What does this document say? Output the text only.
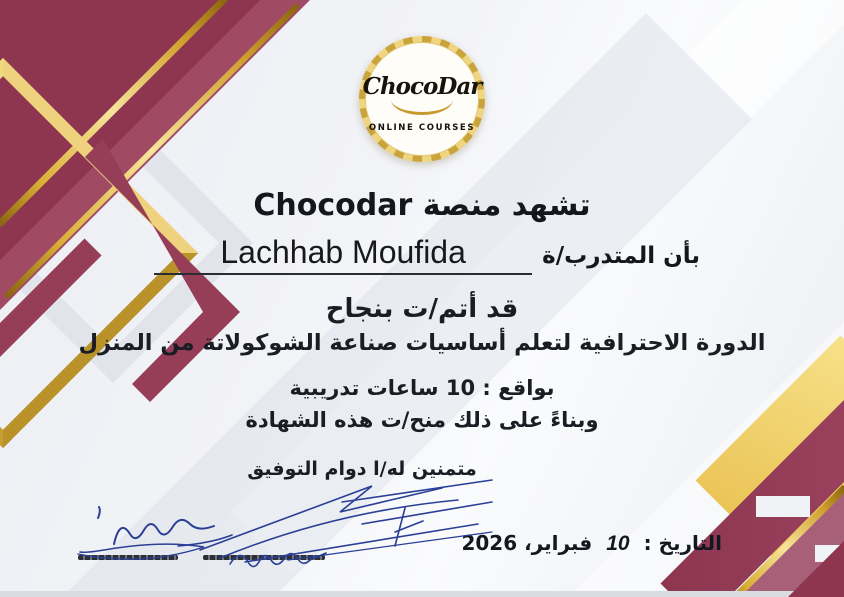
ChocoDar
ONLINE COURSES
تشهد منصة Chocodar
بأن المتدرب/ة
Lachhab Moufida
قد أتم/ت بنجاح
الدورة الاحترافية لتعلم أساسيات صناعة الشوكولاتة من المنزل
بواقع : 10 ساعات تدريبية
وبناءً على ذلك منح/ت هذه الشهادة
متمنين له/ا دوام التوفيق
التاريخ :
10
فبراير، 2026
